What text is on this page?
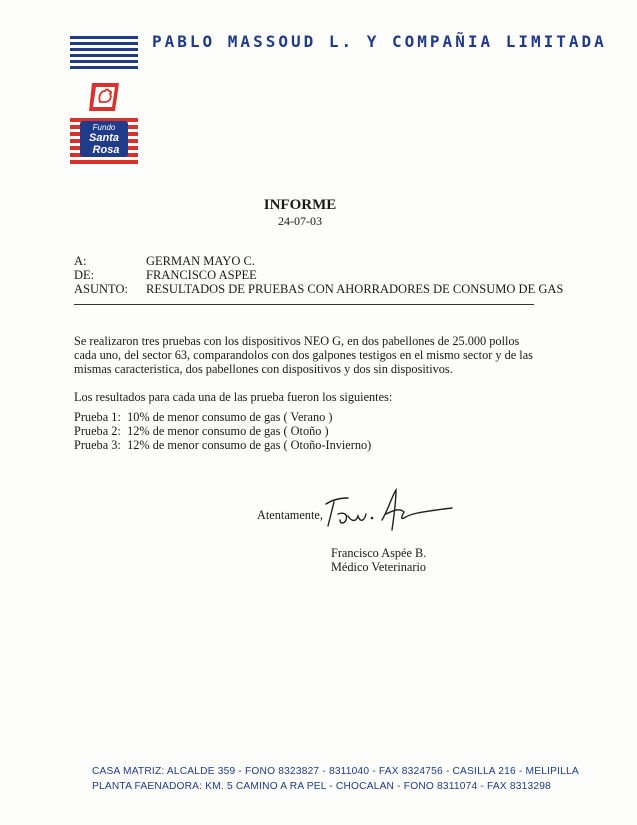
PABLO MASSOUD L. Y COMPAÑIA LIMITADA
Fundo
Santa
Rosa
INFORME
24-07-03
A:	GERMAN MAYO C.
DE:	FRANCISCO ASPEE
ASUNTO: RESULTADOS DE PRUEBAS CON AHORRADORES DE CONSUMO DE GAS

Se realizaron tres pruebas con los dispositivos NEO G, en dos pabellones de 25.000 pollos cada uno, del sector 63, comparandolos con dos galpones testigos en el mismo sector y de las mismas caracteristica, dos pabellones con dispositivos y dos sin dispositivos.

Los resultados para cada una de las prueba fueron los siguientes:

Prueba 1: 10% de menor consumo de gas ( Verano )
Prueba 2: 12% de menor consumo de gas ( Otoño )
Prueba 3: 12% de menor consumo de gas ( Otoño-Invierno)
Atentamente,
Francisco Aspée B.
Médico Veterinario
CASA MATRIZ: ALCALDE 359 - FONO 8323827 - 8311040 - FAX 8324756 - CASILLA 216 - MELIPILLA
PLANTA FAENADORA: KM. 5 CAMINO A RA PEL - CHOCALAN - FONO 8311074 - FAX 8313298
